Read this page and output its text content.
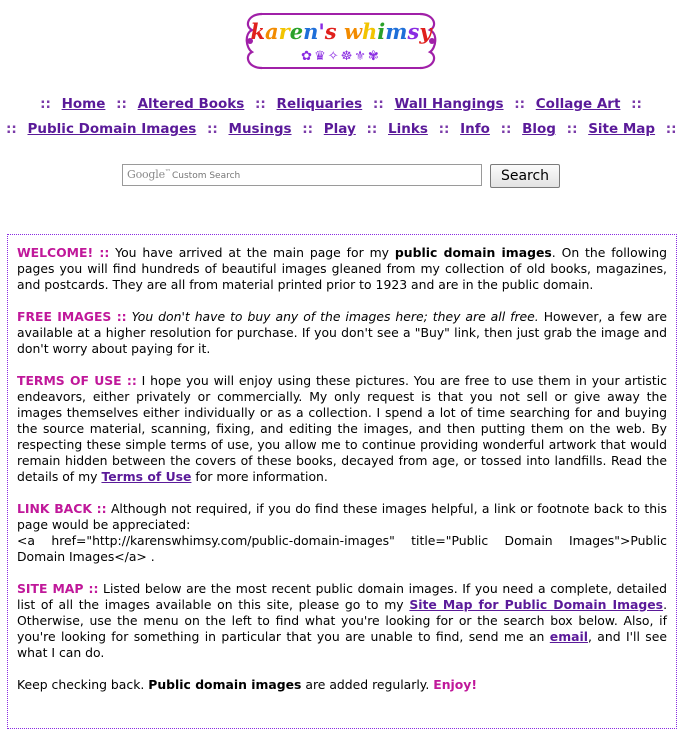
karen's whimsy
✿♛✧☸⚜✾
:: Home :: Altered Books :: Reliquaries :: Wall Hangings :: Collage Art ::
:: Public Domain Images :: Musings :: Play :: Links :: Info :: Blog :: Site Map ::
Google™ Custom Search	Search

WELCOME! :: You have arrived at the main page for my public domain images. On the following pages you will find hundreds of beautiful images gleaned from my collection of old books, magazines, and postcards. They are all from material printed prior to 1923 and are in the public domain.

FREE IMAGES :: You don't have to buy any of the images here; they are all free. However, a few are available at a higher resolution for purchase. If you don't see a "Buy" link, then just grab the image and don't worry about paying for it.

TERMS OF USE :: I hope you will enjoy using these pictures. You are free to use them in your artistic endeavors, either privately or commercially. My only request is that you not sell or give away the images themselves either individually or as a collection. I spend a lot of time searching for and buying the source material, scanning, fixing, and editing the images, and then putting them on the web. By respecting these simple terms of use, you allow me to continue providing wonderful artwork that would remain hidden between the covers of these books, decayed from age, or tossed into landfills. Read the details of my Terms of Use for more information.

LINK BACK :: Although not required, if you do find these images helpful, a link or footnote back to this page would be appreciated:
<a href="http://karenswhimsy.com/public-domain-images" title="Public Domain Images">Public Domain Images</a> .

SITE MAP :: Listed below are the most recent public domain images. If you need a complete, detailed list of all the images available on this site, please go to my Site Map for Public Domain Images. Otherwise, use the menu on the left to find what you're looking for or the search box below. Also, if you're looking for something in particular that you are unable to find, send me an email, and I'll see what I can do.

Keep checking back. Public domain images are added regularly. Enjoy!
